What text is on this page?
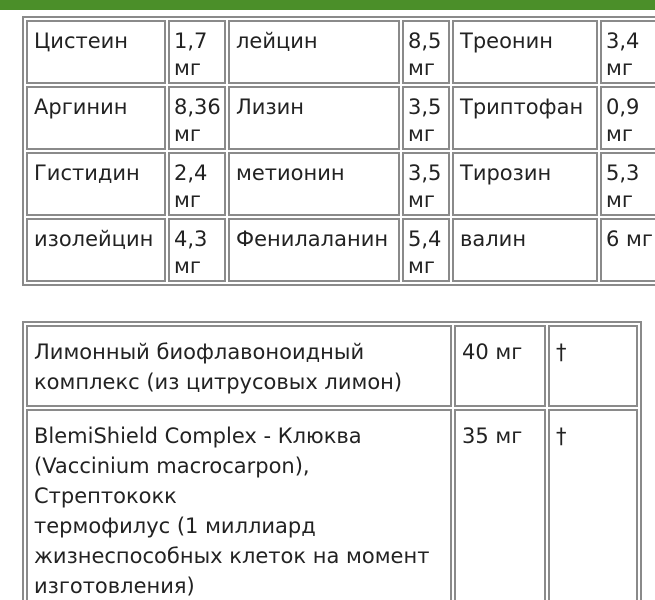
Цистеин	1,7 мг	лейцин	8,5 мг	Треонин	3,4 мг
Аргинин	8,36 мг	Лизин	3,5 мг	Триптофан	0,9 мг
Гистидин	2,4 мг	метионин	3,5 мг	Тирозин	5,3 мг
изолейцин	4,3 мг	Фенилаланин	5,4 мг	валин	6 мг
Лимонный биофлавоноидный комплекс (из цитрусовых лимон)	40 мг	†
BlemiShield Complex - Клюква (Vaccinium macrocarpon), Стрептококк
термофилус (1 миллиард жизнеспособных клеток на момент изготовления)	35 мг	†
